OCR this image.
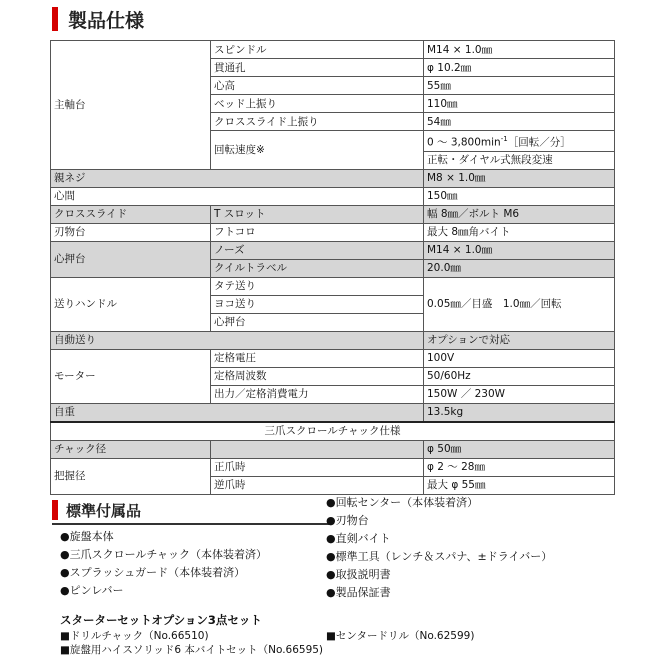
製品仕様
主軸台	スピンドル	M14 × 1.0㎜
	貫通孔	φ 10.2㎜
	心高	55㎜
	ベッド上振り	110㎜
	クロススライド上振り	54㎜
	回転速度※	0 ～ $3,800\min^{-1}[$回転／分］
		正転・ダイヤル式無段変速
親ネジ		M8 × 1.0㎜
心間		150㎜
クロススライド	T スロット	幅 8㎜／ボルト M6
刃物台	フトコロ	最大 8㎜角バイト
心押台	ノーズ	M14 × 1.0㎜
	クイルトラベル	20.0㎜
送りハンドル	タテ送り	0.05㎜／目盛　1.0㎜／回転
	ヨコ送り	
	心押台	
自動送り		オプションで対応
モーター	定格電圧	100V
	定格周波数	50/60Hz
	出力／定格消費電力	150W ／ 230W
自重		13.5kg
三爪スクロールチャック仕様		
チャック径		φ 50㎜
把握径	正爪時	φ 2 ～ 28㎜
	逆爪時	最大 φ 55㎜
標準付属品
●旋盤本体
●三爪スクロールチャック（本体装着済）
●スプラッシュガード（本体装着済）
●ピンレバー
●回転センター（本体装着済）
●刃物台
●直剣バイト
●標準工具（レンチ＆スパナ、±ドライバー）
●取扱説明書
●製品保証書
スターターセットオプション3点セット
■ドリルチャック（No.66510)	■センタードリル（No.62599)
■旋盤用ハイスソリッド6 本バイトセット（No.66595)
